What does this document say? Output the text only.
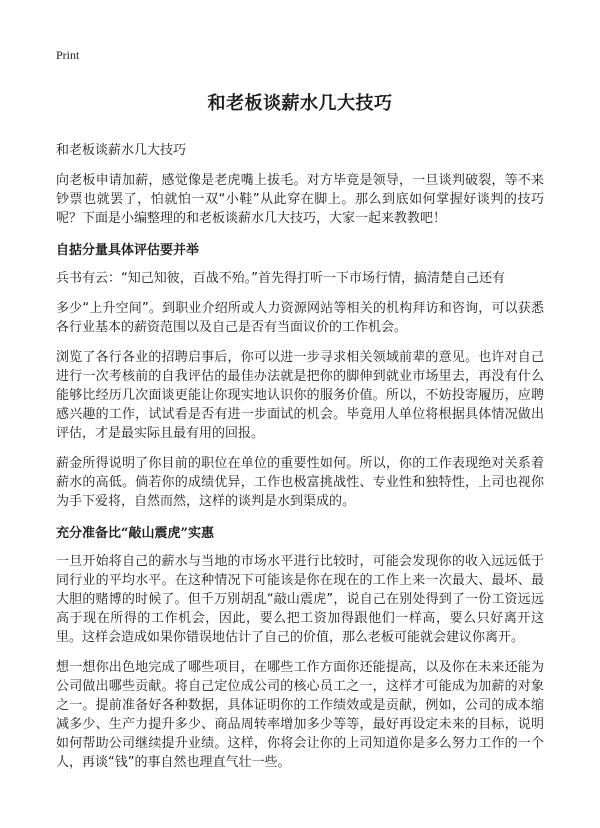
Print
和老板谈薪水几大技巧
和老板谈薪水几大技巧

向老板申请加薪，感觉像是老虎嘴上拔毛。对方毕竟是领导，一旦谈判破裂，等不来钞票也就罢了，怕就怕一双“小鞋”从此穿在脚上。那么到底如何掌握好谈判的技巧呢？下面是小编整理的和老板谈薪水几大技巧，大家一起来教教吧！

自掂分量具体评估要并举

兵书有云：“知己知彼，百战不殆。”首先得打听一下市场行情，搞清楚自己还有

多少“上升空间”。到职业介绍所或人力资源网站等相关的机构拜访和咨询，可以获悉各行业基本的薪资范围以及自己是否有当面议价的工作机会。

浏览了各行各业的招聘启事后，你可以进一步寻求相关领域前辈的意见。也许对自己进行一次考核前的自我评估的最佳办法就是把你的脚伸到就业市场里去，再没有什么能够比经历几次面谈更能让你现实地认识你的服务价值。所以，不妨投寄履历，应聘感兴趣的工作，试试看是否有进一步面试的机会。毕竟用人单位将根据具体情况做出评估，才是最实际且最有用的回报。

薪金所得说明了你目前的职位在单位的重要性如何。所以，你的工作表现绝对关系着薪水的高低。倘若你的成绩优异，工作也极富挑战性、专业性和独特性，上司也视你为手下爱将，自然而然，这样的谈判是水到渠成的。

充分准备比“敲山震虎”实惠

一旦开始将自己的薪水与当地的市场水平进行比较时，可能会发现你的收入远远低于同行业的平均水平。在这种情况下可能该是你在现在的工作上来一次最大、最坏、最大胆的赌博的时候了。但千万别胡乱“敲山震虎”，说自己在别处得到了一份工资远远高于现在所得的工作机会，因此，要么把工资加得跟他们一样高，要么只好离开这里。这样会造成如果你错误地估计了自己的价值，那么老板可能就会建议你离开。

想一想你出色地完成了哪些项目，在哪些工作方面你还能提高，以及你在未来还能为公司做出哪些贡献。将自己定位成公司的核心员工之一，这样才可能成为加薪的对象之一。提前准备好各种数据，具体证明你的工作绩效或是贡献，例如，公司的成本缩减多少、生产力提升多少、商品周转率增加多少等等，最好再设定未来的目标，说明如何帮助公司继续提升业绩。这样，你将会让你的上司知道你是多么努力工作的一个人，再谈“钱”的事自然也理直气壮一些。
